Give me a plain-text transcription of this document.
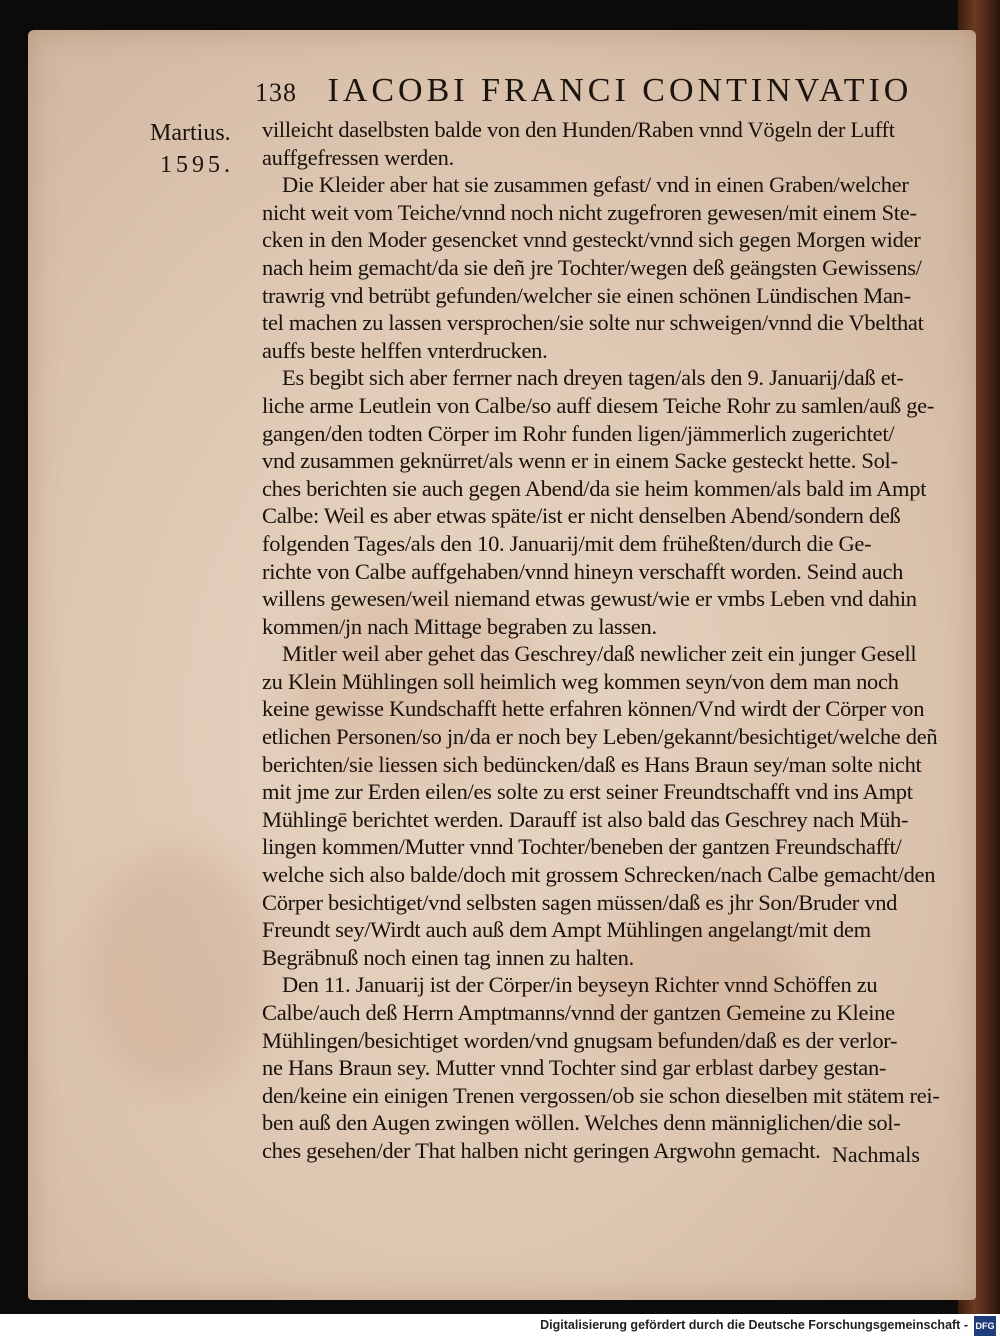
138 IACOBI FRANCI CONTINVATIO
Martius.
1595.
villeicht daselbsten balde von den Hunden/Raben vnnd Vögeln der Lufft
auffgefressen werden.
Die Kleider aber hat sie zusammen gefast/ vnd in einen Graben/welcher
nicht weit vom Teiche/vnnd noch nicht zugefroren gewesen/mit einem Ste-
cken in den Moder gesencket vnnd gesteckt/vnnd sich gegen Morgen wider
nach heim gemacht/da sie deñ jre Tochter/wegen deß geängsten Gewissens/
trawrig vnd betrübt gefunden/welcher sie einen schönen Lündischen Man-
tel machen zu lassen versprochen/sie solte nur schweigen/vnnd die Vbelthat
auffs beste helffen vnterdrucken.
Es begibt sich aber ferrner nach dreyen tagen/als den 9. Januarij/daß et-
liche arme Leutlein von Calbe/so auff diesem Teiche Rohr zu samlen/auß ge-
gangen/den todten Cörper im Rohr funden ligen/jämmerlich zugerichtet/
vnd zusammen geknürret/als wenn er in einem Sacke gesteckt hette. Sol-
ches berichten sie auch gegen Abend/da sie heim kommen/als bald im Ampt
Calbe: Weil es aber etwas späte/ist er nicht denselben Abend/sondern deß
folgenden Tages/als den 10. Januarij/mit dem früheßten/durch die Ge-
richte von Calbe auffgehaben/vnnd hineyn verschafft worden. Seind auch
willens gewesen/weil niemand etwas gewust/wie er vmbs Leben vnd dahin
kommen/jn nach Mittage begraben zu lassen.
Mitler weil aber gehet das Geschrey/daß newlicher zeit ein junger Gesell
zu Klein Mühlingen soll heimlich weg kommen seyn/von dem man noch
keine gewisse Kundschafft hette erfahren können/Vnd wirdt der Cörper von
etlichen Personen/so jn/da er noch bey Leben/gekannt/besichtiget/welche deñ
berichten/sie liessen sich bedüncken/daß es Hans Braun sey/man solte nicht
mit jme zur Erden eilen/es solte zu erst seiner Freundtschafft vnd ins Ampt
Mühlingē berichtet werden. Darauff ist also bald das Geschrey nach Müh-
lingen kommen/Mutter vnnd Tochter/beneben der gantzen Freundschafft/
welche sich also balde/doch mit grossem Schrecken/nach Calbe gemacht/den
Cörper besichtiget/vnd selbsten sagen müssen/daß es jhr Son/Bruder vnd
Freundt sey/Wirdt auch auß dem Ampt Mühlingen angelangt/mit dem
Begräbnuß noch einen tag innen zu halten.
Den 11. Januarij ist der Cörper/in beyseyn Richter vnnd Schöffen zu
Calbe/auch deß Herrn Amptmanns/vnnd der gantzen Gemeine zu Kleine
Mühlingen/besichtiget worden/vnd gnugsam befunden/daß es der verlor-
ne Hans Braun sey. Mutter vnnd Tochter sind gar erblast darbey gestan-
den/keine ein einigen Trenen vergossen/ob sie schon dieselben mit stätem rei-
ben auß den Augen zwingen wöllen. Welches denn männiglichen/die sol-
ches gesehen/der That halben nicht geringen Argwohn gemacht. Nachmals
Digitalisierung gefördert durch die Deutsche Forschungsgemeinschaft - DFG
